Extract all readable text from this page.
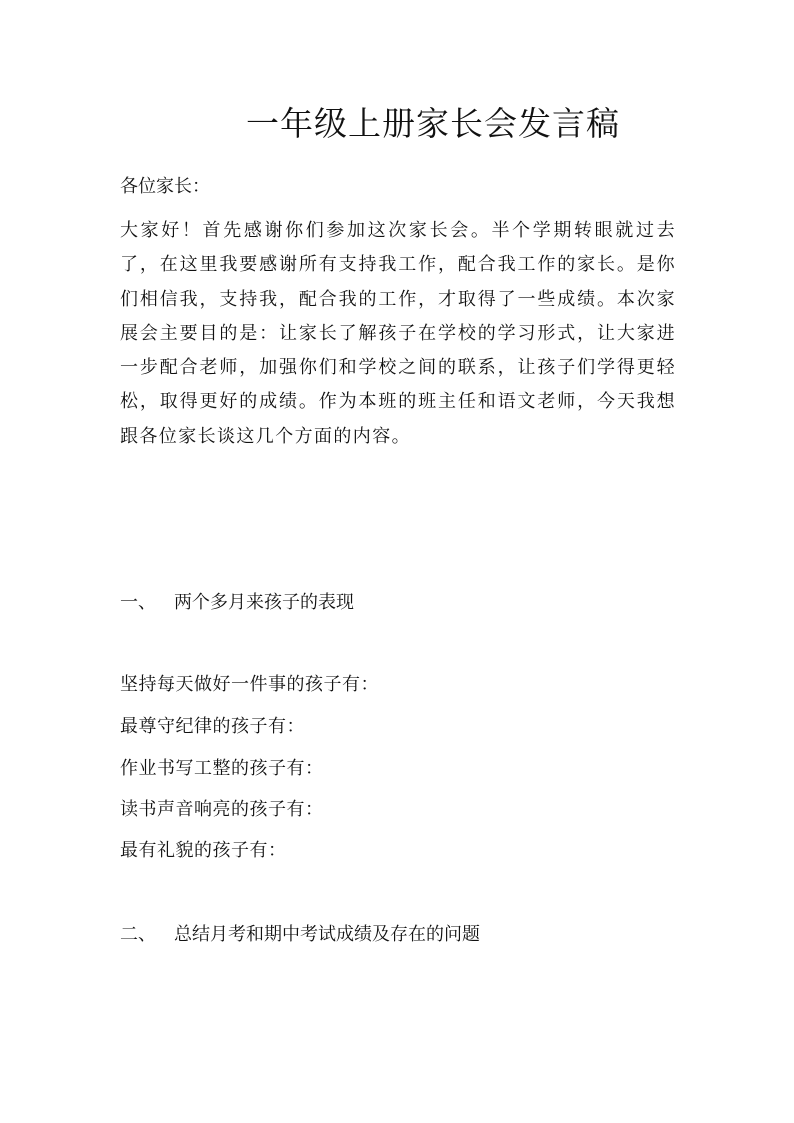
一年级上册家长会发言稿

各位家长：

大家好！首先感谢你们参加这次家长会。半个学期转眼就过去了，在这里我要感谢所有支持我工作，配合我工作的家长。是你们相信我，支持我，配合我的工作，才取得了一些成绩。本次家展会主要目的是：让家长了解孩子在学校的学习形式，让大家进一步配合老师，加强你们和学校之间的联系，让孩子们学得更轻松，取得更好的成绩。作为本班的班主任和语文老师，今天我想跟各位家长谈这几个方面的内容。

一、 两个多月来孩子的表现

坚持每天做好一件事的孩子有：

最尊守纪律的孩子有：

作业书写工整的孩子有：

读书声音响亮的孩子有：

最有礼貌的孩子有：

二、 总结月考和期中考试成绩及存在的问题
